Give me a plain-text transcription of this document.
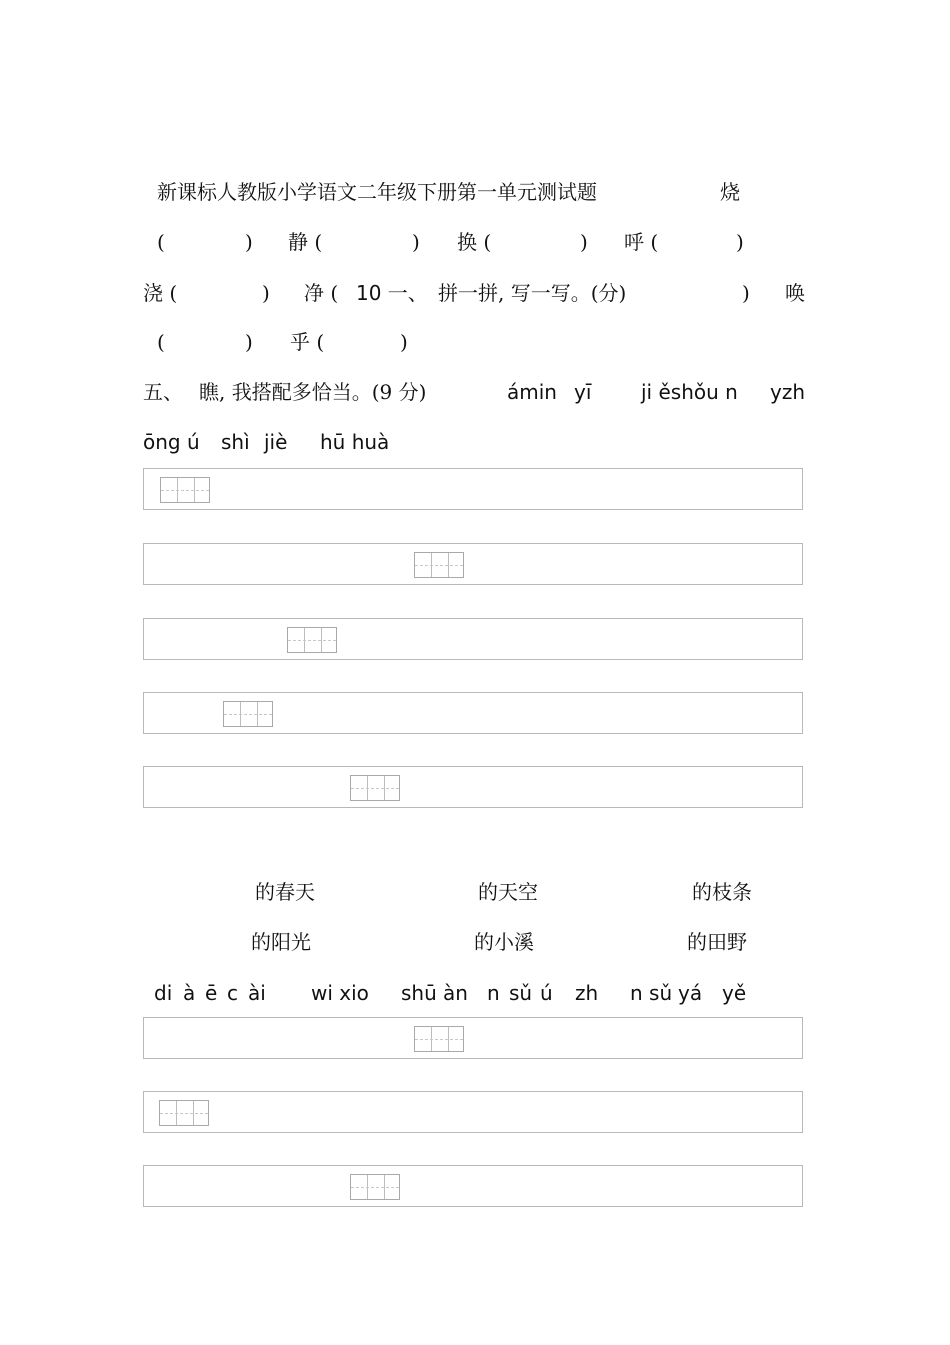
新课标人教版小学语文二年级下册第一单元测试题	烧
(	) 静 (	) 换 (	) 呼 (	)
浇 (	) 净 ( 10 一、 拼一拼, 写一写。(分)	) 唤
(	) 乎 (	)
五、 瞧, 我搭配多恰当。(9 分)	ámin yī ji ěshǒu n yzh
ōng ú shì jiè hū huà
的春天	的天空	的枝条
的阳光	的小溪	的田野
di à ē c ài wi xio shū àn n sǔ ú zh n sǔ yá yě
